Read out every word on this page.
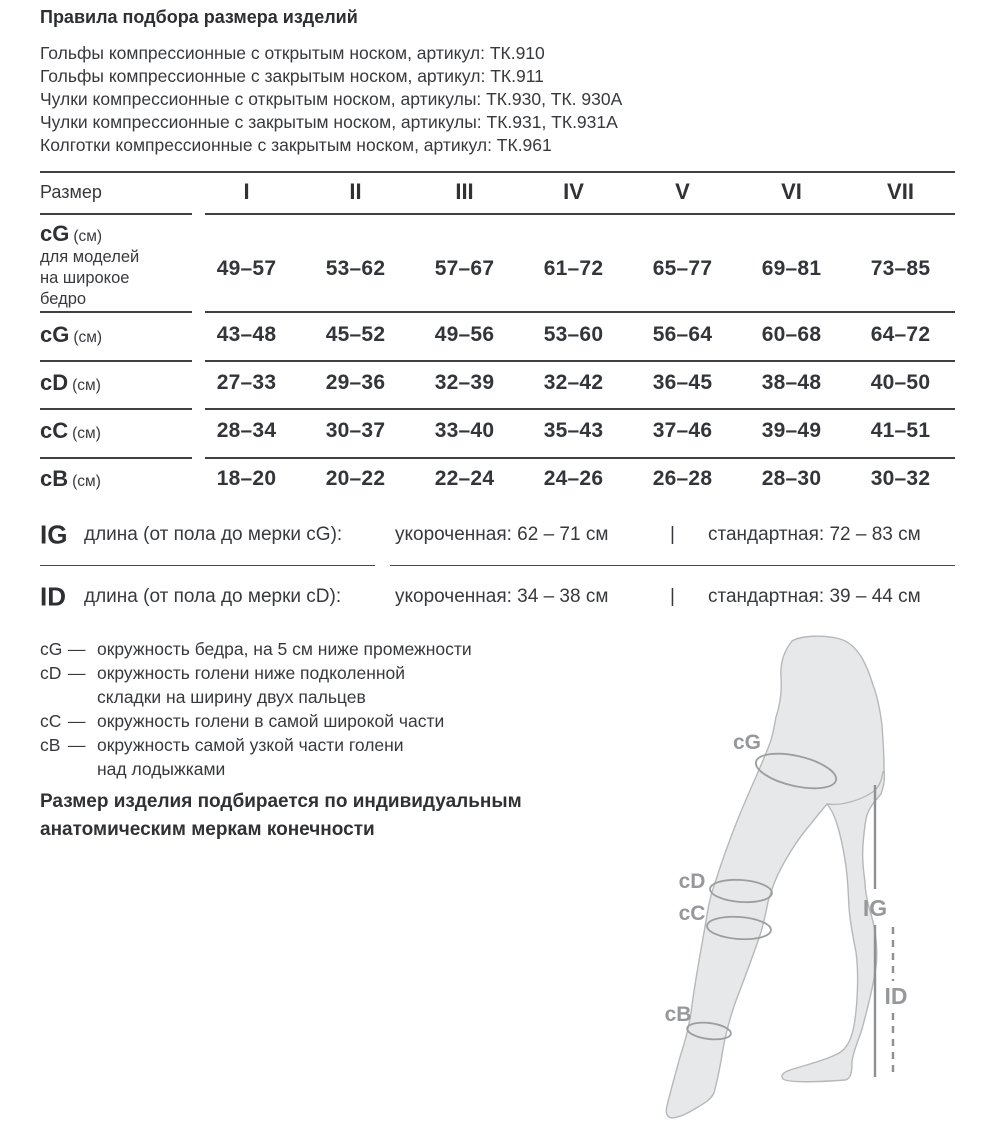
Правила подбора размера изделий
Гольфы компрессионные с открытым носком, артикул: ТК.910
Гольфы компрессионные с закрытым носком, артикул: ТК.911
Чулки компрессионные с открытым носком, артикулы: ТК.930, ТК. 930А
Чулки компрессионные с закрытым носком, артикулы: ТК.931, ТК.931А
Колготки компрессионные с закрытым носком, артикул: ТК.961
Размер	I	II	III	IV	V	VI	VII
cG (см)
для моделей
на широкое
бедро
49–57	53–62	57–67	61–72	65–77	69–81	73–85
cG (см)	43–48	45–52	49–56	53–60	56–64	60–68	64–72
cD (см)	27–33	29–36	32–39	32–42	36–45	38–48	40–50
cC (см)	28–34	30–37	33–40	35–43	37–46	39–49	41–51
cB (см)	18–20	20–22	22–24	24–26	26–28	28–30	30–32
IG длина (от пола до мерки cG):	укороченная: 62 – 71 см	| стандартная: 72 – 83 см
ID длина (от пола до мерки cD):	укороченная: 34 – 38 см	| стандартная: 39 – 44 см
cG — окружность бедра, на 5 см ниже промежности
cD — окружность голени ниже подколенной
складки на ширину двух пальцев
cC — окружность голени в самой широкой части
cB — окружность самой узкой части голени
над лодыжками
Размер изделия подбирается по индивидуальным анатомическим меркам конечности
cG
cD
cC
cB
IG
ID
